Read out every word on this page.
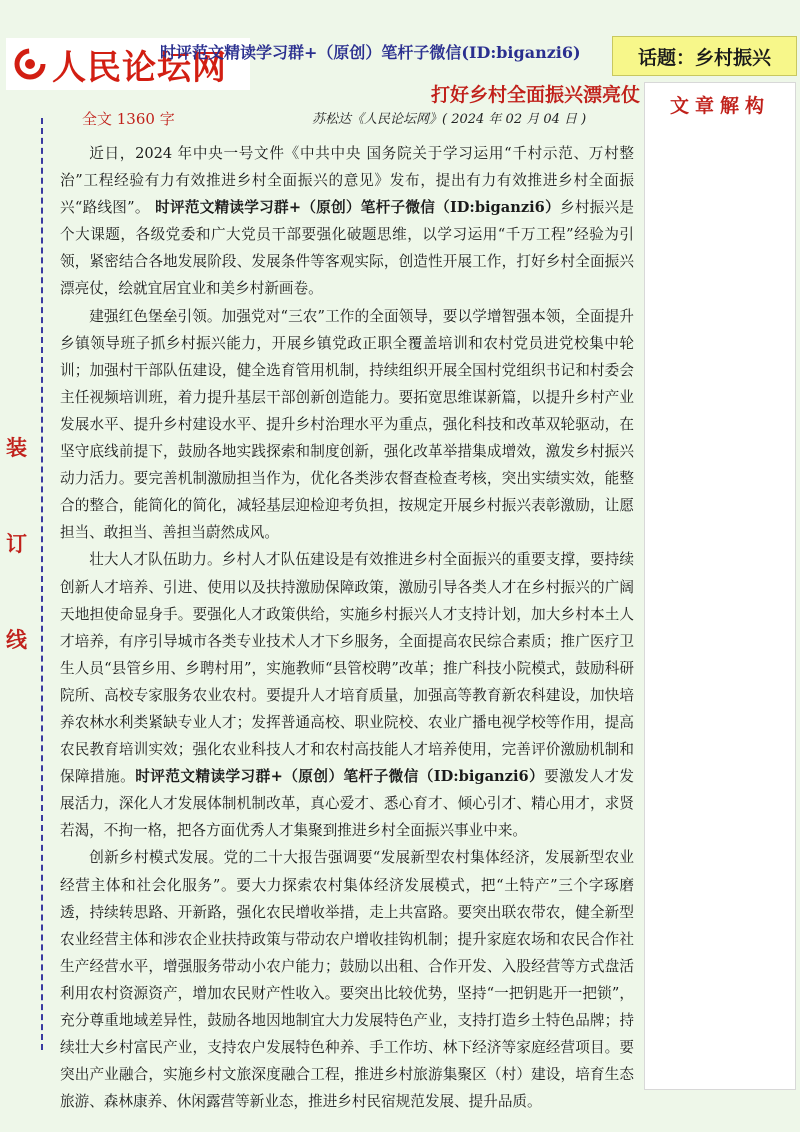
人民论坛网
时评范文精读学习群+（原创）笔杆子微信(ID:biganzi6)	话题：乡村振兴
打好乡村全面振兴漂亮仗	文章解构
全文 1360 字	苏松达《人民论坛网》( 2024 年 02 月 04 日 )
装
订
线

近日，2024 年中央一号文件《中共中央 国务院关于学习运用“千村示范、万村整治”工程经验有力有效推进乡村全面振兴的意见》发布，提出有力有效推进乡村全面振兴“路线图”。 时评范文精读学习群+（原创）笔杆子微信（ID:biganzi6）乡村振兴是个大课题，各级党委和广大党员干部要强化破题思维，以学习运用“千万工程”经验为引领，紧密结合各地发展阶段、发展条件等客观实际，创造性开展工作，打好乡村全面振兴漂亮仗，绘就宜居宜业和美乡村新画卷。

建强红色堡垒引领。加强党对“三农”工作的全面领导，要以学增智强本领，全面提升乡镇领导班子抓乡村振兴能力，开展乡镇党政正职全覆盖培训和农村党员进党校集中轮训；加强村干部队伍建设，健全选育管用机制，持续组织开展全国村党组织书记和村委会主任视频培训班，着力提升基层干部创新创造能力。要拓宽思维谋新篇，以提升乡村产业发展水平、提升乡村建设水平、提升乡村治理水平为重点，强化科技和改革双轮驱动，在坚守底线前提下，鼓励各地实践探索和制度创新，强化改革举措集成增效，激发乡村振兴动力活力。要完善机制激励担当作为，优化各类涉农督查检查考核，突出实绩实效，能整合的整合，能简化的简化，减轻基层迎检迎考负担，按规定开展乡村振兴表彰激励，让愿担当、敢担当、善担当蔚然成风。

壮大人才队伍助力。乡村人才队伍建设是有效推进乡村全面振兴的重要支撑，要持续创新人才培养、引进、使用以及扶持激励保障政策，激励引导各类人才在乡村振兴的广阔天地担使命显身手。要强化人才政策供给，实施乡村振兴人才支持计划，加大乡村本土人才培养，有序引导城市各类专业技术人才下乡服务，全面提高农民综合素质；推广医疗卫生人员“县管乡用、乡聘村用”，实施教师“县管校聘”改革；推广科技小院模式，鼓励科研院所、高校专家服务农业农村。要提升人才培育质量，加强高等教育新农科建设，加快培养农林水利类紧缺专业人才；发挥普通高校、职业院校、农业广播电视学校等作用，提高农民教育培训实效；强化农业科技人才和农村高技能人才培养使用，完善评价激励机制和保障措施。时评范文精读学习群+（原创）笔杆子微信（ID:biganzi6）要激发人才发展活力，深化人才发展体制机制改革，真心爱才、悉心育才、倾心引才、精心用才，求贤若渴，不拘一格，把各方面优秀人才集聚到推进乡村全面振兴事业中来。

创新乡村模式发展。党的二十大报告强调要“发展新型农村集体经济，发展新型农业经营主体和社会化服务”。要大力探索农村集体经济发展模式，把“土特产”三个字琢磨透，持续转思路、开新路，强化农民增收举措，走上共富路。要突出联农带农，健全新型农业经营主体和涉农企业扶持政策与带动农户增收挂钩机制；提升家庭农场和农民合作社生产经营水平，增强服务带动小农户能力；鼓励以出租、合作开发、入股经营等方式盘活利用农村资源资产，增加农民财产性收入。要突出比较优势，坚持“一把钥匙开一把锁”，充分尊重地域差异性，鼓励各地因地制宜大力发展特色产业，支持打造乡土特色品牌；持续壮大乡村富民产业，支持农户发展特色种养、手工作坊、林下经济等家庭经营项目。要突出产业融合，实施乡村文旅深度融合工程，推进乡村旅游集聚区（村）建设，培育生态旅游、森林康养、休闲露营等新业态，推进乡村民宿规范发展、提升品质。
